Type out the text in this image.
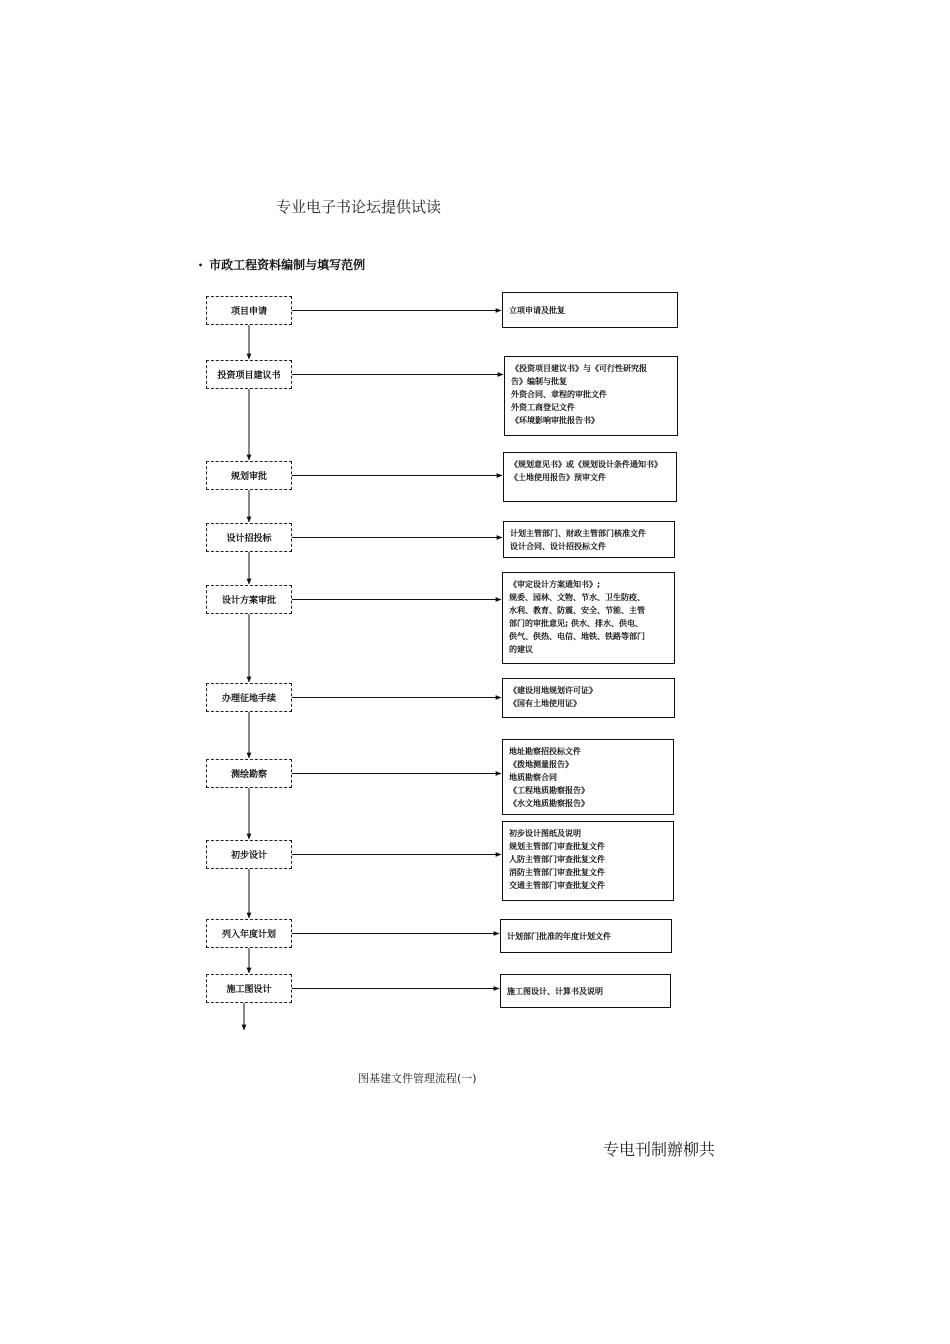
专业电子书论坛提供试读
• 市政工程资料编制与填写范例
项目申请	立项申请及批复
投资项目建议书
《投资项目建议书》与《可行性研究报
告》编制与批复
外资合同、章程的审批文件
外资工商登记文件
《环境影响审批报告书》
规划审批
《规划意见书》或《规划设计条件通知书》
《土地使用报告》预审文件
设计招投标
计划主管部门、财政主管部门核准文件
设计合同、设计招投标文件
设计方案审批
《审定设计方案通知书》;
规委、园林、文物、节水、卫生防疫、
水利、教育、防震、安全、节能、主管
部门的审批意见; 供水、排水、供电、
供气、供热、电信、地铁、铁路等部门
的建议
办理征地手续
《建设用地规划许可证》
《国有土地使用证》
测绘勘察
地址勘察招投标文件
《拨地测量报告》
地质勘察合同
《工程地质勘察报告》
《水文地质勘察报告》
初步设计
初步设计图纸及说明
规划主管部门审查批复文件
人防主管部门审查批复文件
消防主管部门审查批复文件
交通主管部门审查批复文件
列入年度计划	计划部门批准的年度计划文件
施工图设计	施工图设计、计算书及说明
图基建文件管理流程(一)
专电刊制辦柳共
